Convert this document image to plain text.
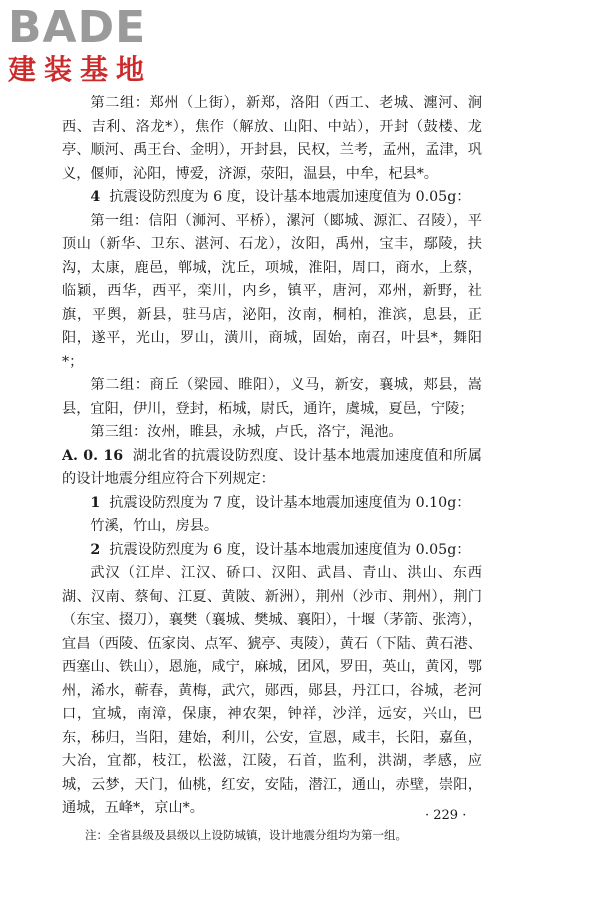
BADE
建装基地

第二组：郑州（上街），新郑，洛阳（西工、老城、瀍河、涧西、吉利、洛龙*），焦作（解放、山阳、中站），开封（鼓楼、龙亭、顺河、禹王台、金明），开封县，民权，兰考，孟州，孟津，巩义，偃师，沁阳，博爱，济源，荥阳，温县，中牟，杞县*。

4 抗震设防烈度为 6 度，设计基本地震加速度值为 0.05g：

第一组：信阳（浉河、平桥），漯河（郾城、源汇、召陵），平顶山（新华、卫东、湛河、石龙），汝阳，禹州，宝丰，鄢陵，扶沟，太康，鹿邑，郸城，沈丘，项城，淮阳，周口，商水，上蔡，临颖，西华，西平，栾川，内乡，镇平，唐河，邓州，新野，社旗，平舆，新县，驻马店，泌阳，汝南，桐柏，淮滨，息县，正阳，遂平，光山，罗山，潢川，商城，固始，南召，叶县*，舞阳*；

第二组：商丘（梁园、睢阳），义马，新安，襄城，郏县，嵩县，宜阳，伊川，登封，柘城，尉氏，通许，虞城，夏邑，宁陵；

第三组：汝州，睢县，永城，卢氏，洛宁，渑池。

A. 0. 16 湖北省的抗震设防烈度、设计基本地震加速度值和所属的设计地震分组应符合下列规定：

1 抗震设防烈度为 7 度，设计基本地震加速度值为 0.10g：

竹溪，竹山，房县。

2 抗震设防烈度为 6 度，设计基本地震加速度值为 0.05g：

武汉（江岸、江汉、硚口、汉阳、武昌、青山、洪山、东西湖、汉南、蔡甸、江夏、黄陂、新洲），荆州（沙市、荆州），荆门（东宝、掇刀），襄樊（襄城、樊城、襄阳），十堰（茅箭、张湾），宜昌（西陵、伍家岗、点军、猇亭、夷陵），黄石（下陆、黄石港、西塞山、铁山），恩施，咸宁，麻城，团风，罗田，英山，黄冈，鄂州，浠水，蕲春，黄梅，武穴，郧西，郧县，丹江口，谷城，老河口，宜城，南漳，保康，神农架，钟祥，沙洋，远安，兴山，巴东，秭归，当阳，建始，利川，公安，宣恩，咸丰，长阳，嘉鱼，大冶，宜都，枝江，松滋，江陵，石首，监利，洪湖，孝感，应城，云梦，天门，仙桃，红安，安陆，潜江，通山，赤壁，崇阳，通城，五峰*，京山*。

注：全省县级及县级以上设防城镇，设计地震分组均为第一组。

· 229 ·
